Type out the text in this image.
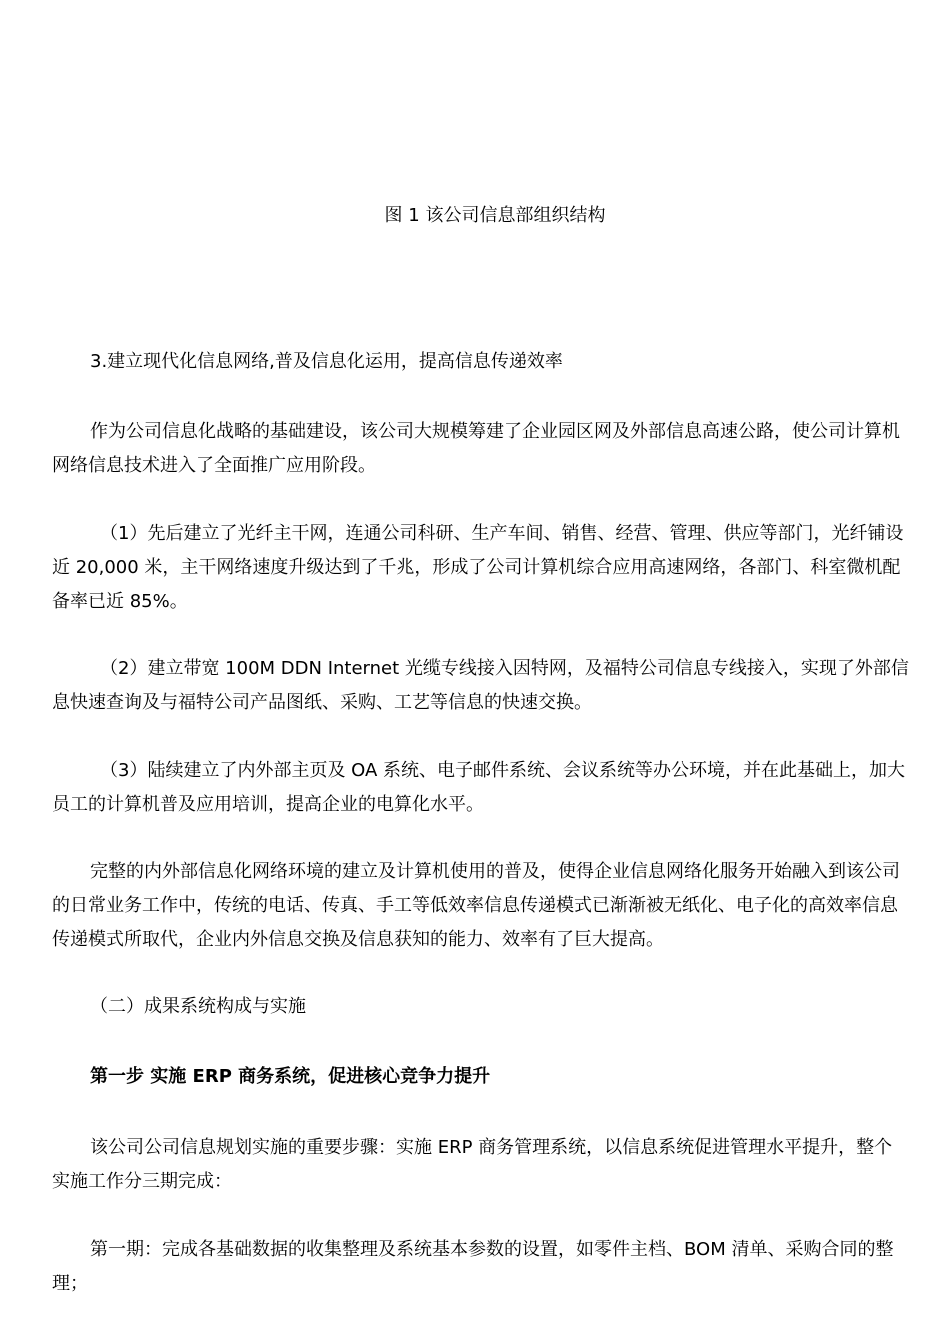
图 1 该公司信息部组织结构

3.建立现代化信息网络,普及信息化运用，提高信息传递效率

作为公司信息化战略的基础建设，该公司大规模筹建了企业园区网及外部信息高速公路，使公司计算机网络信息技术进入了全面推广应用阶段。

（1）先后建立了光纤主干网，连通公司科研、生产车间、销售、经营、管理、供应等部门，光纤铺设近 20,000 米，主干网络速度升级达到了千兆，形成了公司计算机综合应用高速网络，各部门、科室微机配备率已近 85%。

（2）建立带宽 100M DDN Internet 光缆专线接入因特网，及福特公司信息专线接入，实现了外部信息快速查询及与福特公司产品图纸、采购、工艺等信息的快速交换。

（3）陆续建立了内外部主页及 OA 系统、电子邮件系统、会议系统等办公环境，并在此基础上，加大员工的计算机普及应用培训，提高企业的电算化水平。

完整的内外部信息化网络环境的建立及计算机使用的普及，使得企业信息网络化服务开始融入到该公司的日常业务工作中，传统的电话、传真、手工等低效率信息传递模式已渐渐被无纸化、电子化的高效率信息传递模式所取代，企业内外信息交换及信息获知的能力、效率有了巨大提高。

（二）成果系统构成与实施

第一步 实施 ERP 商务系统，促进核心竞争力提升

该公司公司信息规划实施的重要步骤：实施 ERP 商务管理系统，以信息系统促进管理水平提升，整个实施工作分三期完成：

第一期：完成各基础数据的收集整理及系统基本参数的设置，如零件主档、BOM 清单、采购合同的整理；
